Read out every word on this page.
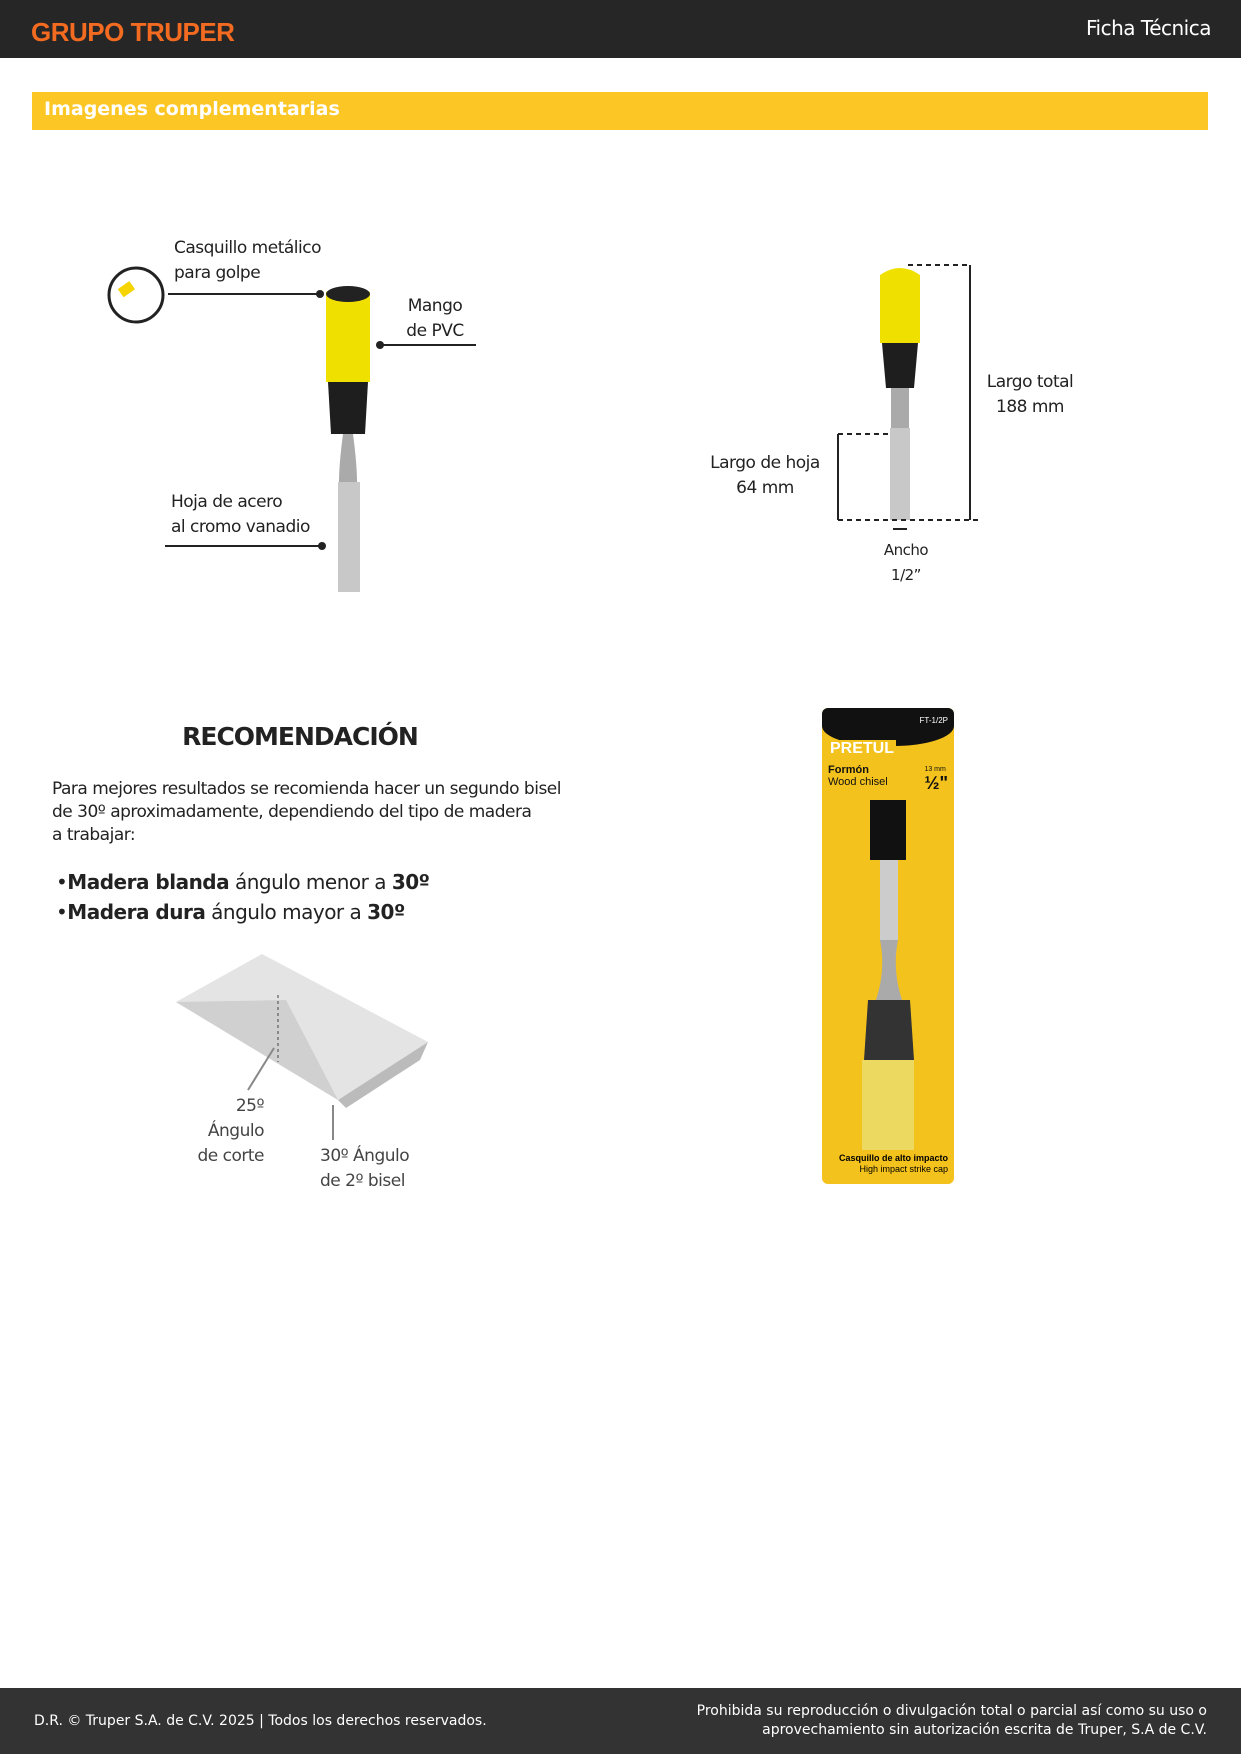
GRUPO TRUPER	Ficha Técnica
Imagenes complementarias
Casquillo metálico
para golpe
Mango
de PVC
Hoja de acero
al cromo vanadio
Largo total
188 mm
Largo de hoja
64 mm
Ancho
1/2”
RECOMENDACIÓN
Para mejores resultados se recomienda hacer un segundo bisel
de 30º aproximadamente, dependiendo del tipo de madera
a trabajar:
•Madera blanda ángulo menor a 30º
•Madera dura ángulo mayor a 30º
25º Ángulo
de corte	30º Ángulo
de 2º bisel
FT-1/2P
PRETUL
Formón
Wood chisel
13 mm
½"
Casquillo de alto impacto
High impact strike cap
D.R. © Truper S.A. de C.V. 2025 | Todos los derechos reservados.
Prohibida su reproducción o divulgación total o parcial así como su uso o
aprovechamiento sin autorización escrita de Truper, S.A de C.V.
